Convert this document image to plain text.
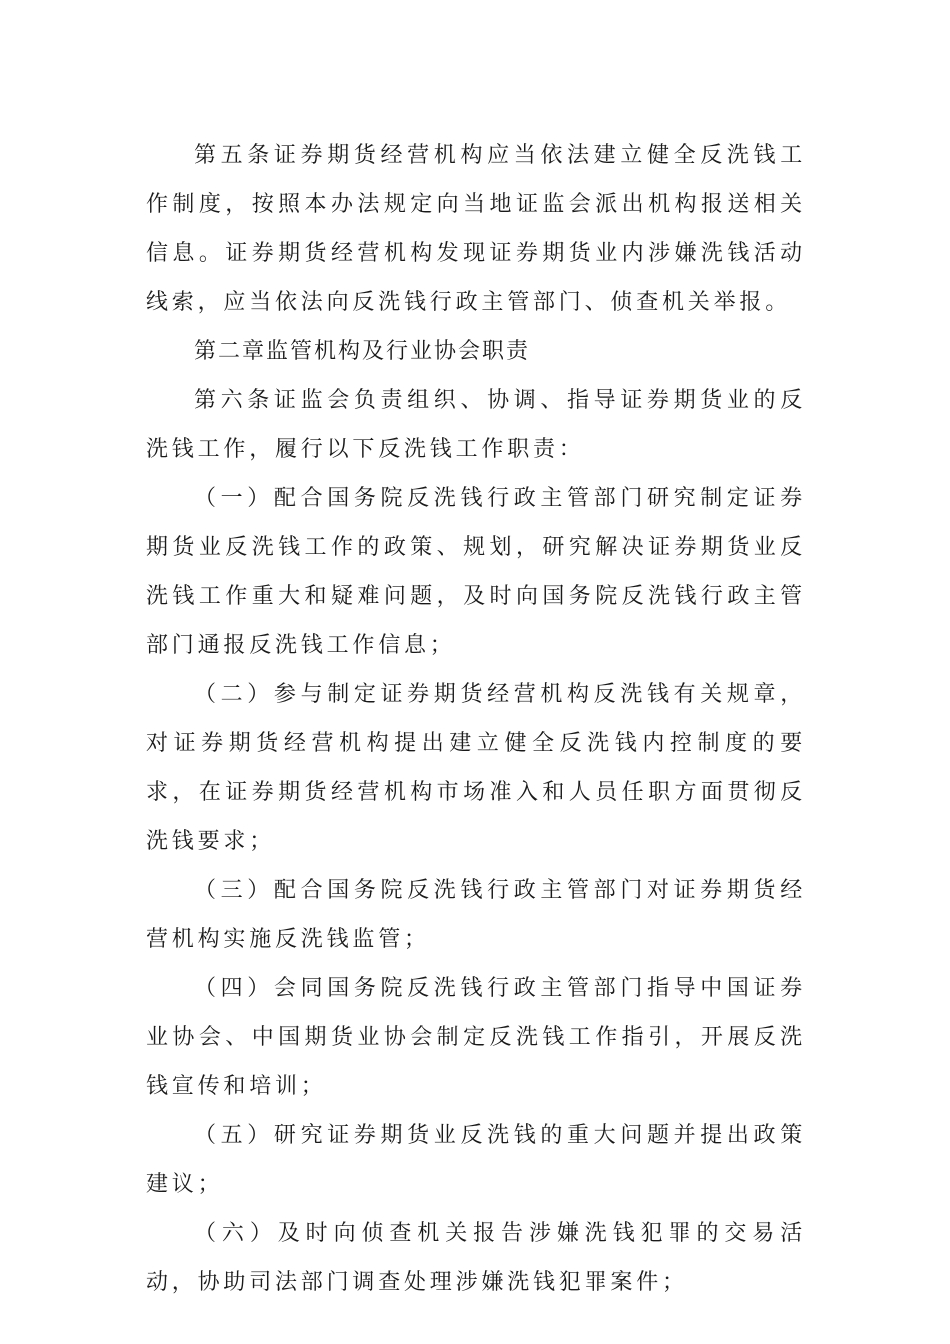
第五条证券期货经营机构应当依法建立健全反洗钱工作制度，按照本办法规定向当地证监会派出机构报送相关信息。证券期货经营机构发现证券期货业内涉嫌洗钱活动线索，应当依法向反洗钱行政主管部门、侦查机关举报。

第二章监管机构及行业协会职责

第六条证监会负责组织、协调、指导证券期货业的反洗钱工作，履行以下反洗钱工作职责：

（一）配合国务院反洗钱行政主管部门研究制定证券期货业反洗钱工作的政策、规划，研究解决证券期货业反洗钱工作重大和疑难问题，及时向国务院反洗钱行政主管部门通报反洗钱工作信息；

（二）参与制定证券期货经营机构反洗钱有关规章，对证券期货经营机构提出建立健全反洗钱内控制度的要求，在证券期货经营机构市场准入和人员任职方面贯彻反洗钱要求；

（三）配合国务院反洗钱行政主管部门对证券期货经营机构实施反洗钱监管；

（四）会同国务院反洗钱行政主管部门指导中国证券业协会、中国期货业协会制定反洗钱工作指引，开展反洗钱宣传和培训；

（五）研究证券期货业反洗钱的重大问题并提出政策建议；

（六）及时向侦查机关报告涉嫌洗钱犯罪的交易活动，协助司法部门调查处理涉嫌洗钱犯罪案件；
